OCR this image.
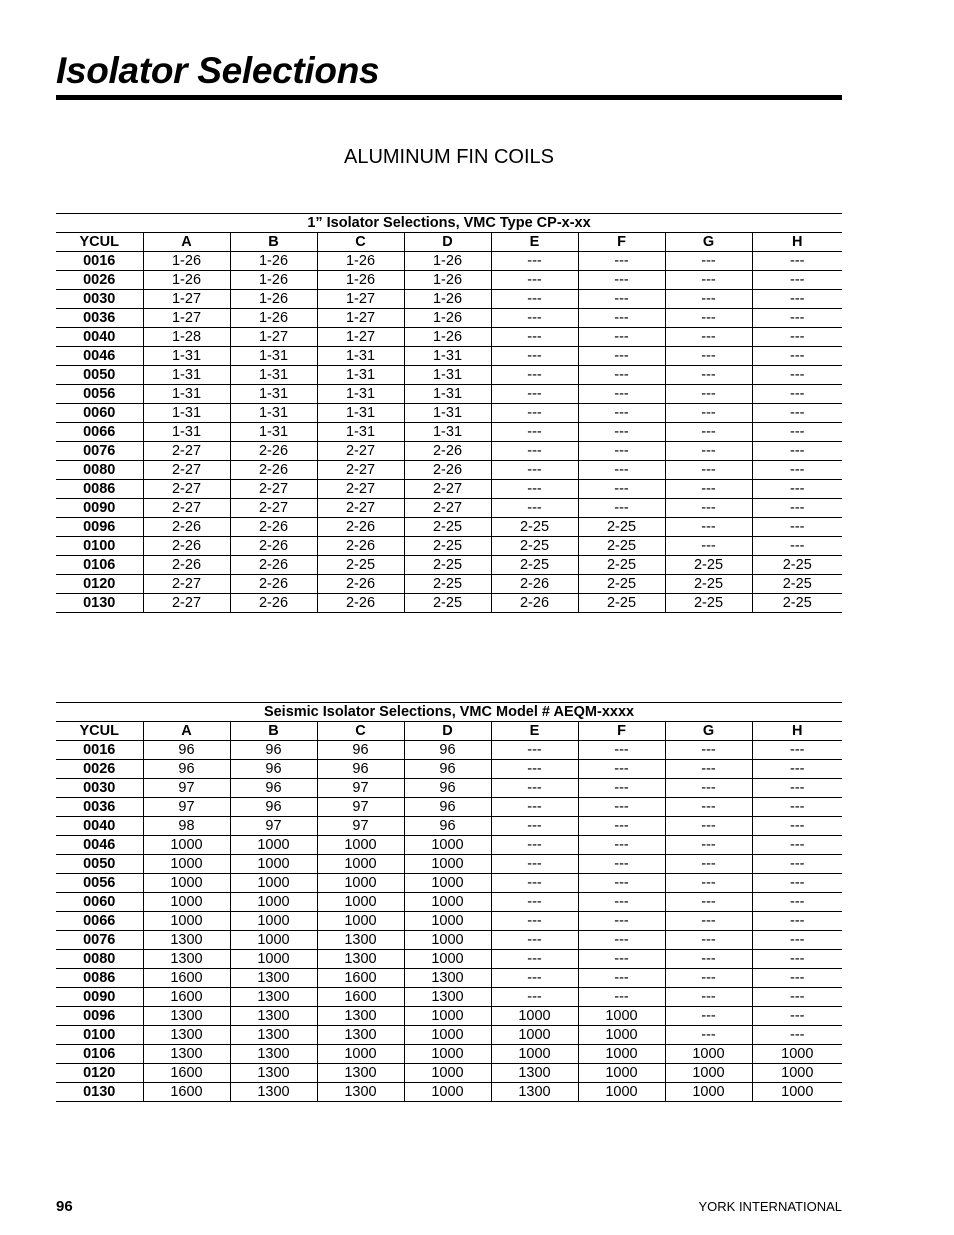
Isolator Selections
ALUMINUM FIN COILS
1” Isolator Selections, VMC Type CP-x-xx								
YCUL	A	B	C	D	E	F	G	H
0016	1-26	1-26	1-26	1-26	---	---	---	---
0026	1-26	1-26	1-26	1-26	---	---	---	---
0030	1-27	1-26	1-27	1-26	---	---	---	---
0036	1-27	1-26	1-27	1-26	---	---	---	---
0040	1-28	1-27	1-27	1-26	---	---	---	---
0046	1-31	1-31	1-31	1-31	---	---	---	---
0050	1-31	1-31	1-31	1-31	---	---	---	---
0056	1-31	1-31	1-31	1-31	---	---	---	---
0060	1-31	1-31	1-31	1-31	---	---	---	---
0066	1-31	1-31	1-31	1-31	---	---	---	---
0076	2-27	2-26	2-27	2-26	---	---	---	---
0080	2-27	2-26	2-27	2-26	---	---	---	---
0086	2-27	2-27	2-27	2-27	---	---	---	---
0090	2-27	2-27	2-27	2-27	---	---	---	---
0096	2-26	2-26	2-26	2-25	2-25	2-25	---	---
0100	2-26	2-26	2-26	2-25	2-25	2-25	---	---
0106	2-26	2-26	2-25	2-25	2-25	2-25	2-25	2-25
0120	2-27	2-26	2-26	2-25	2-26	2-25	2-25	2-25
0130	2-27	2-26	2-26	2-25	2-26	2-25	2-25	2-25
Seismic Isolator Selections, VMC Model # AEQM-xxxx								
YCUL	A	B	C	D	E	F	G	H
0016	96	96	96	96	---	---	---	---
0026	96	96	96	96	---	---	---	---
0030	97	96	97	96	---	---	---	---
0036	97	96	97	96	---	---	---	---
0040	98	97	97	96	---	---	---	---
0046	1000	1000	1000	1000	---	---	---	---
0050	1000	1000	1000	1000	---	---	---	---
0056	1000	1000	1000	1000	---	---	---	---
0060	1000	1000	1000	1000	---	---	---	---
0066	1000	1000	1000	1000	---	---	---	---
0076	1300	1000	1300	1000	---	---	---	---
0080	1300	1000	1300	1000	---	---	---	---
0086	1600	1300	1600	1300	---	---	---	---
0090	1600	1300	1600	1300	---	---	---	---
0096	1300	1300	1300	1000	1000	1000	---	---
0100	1300	1300	1300	1000	1000	1000	---	---
0106	1300	1300	1000	1000	1000	1000	1000	1000
0120	1600	1300	1300	1000	1300	1000	1000	1000
0130	1600	1300	1300	1000	1300	1000	1000	1000
96	YORK INTERNATIONAL
